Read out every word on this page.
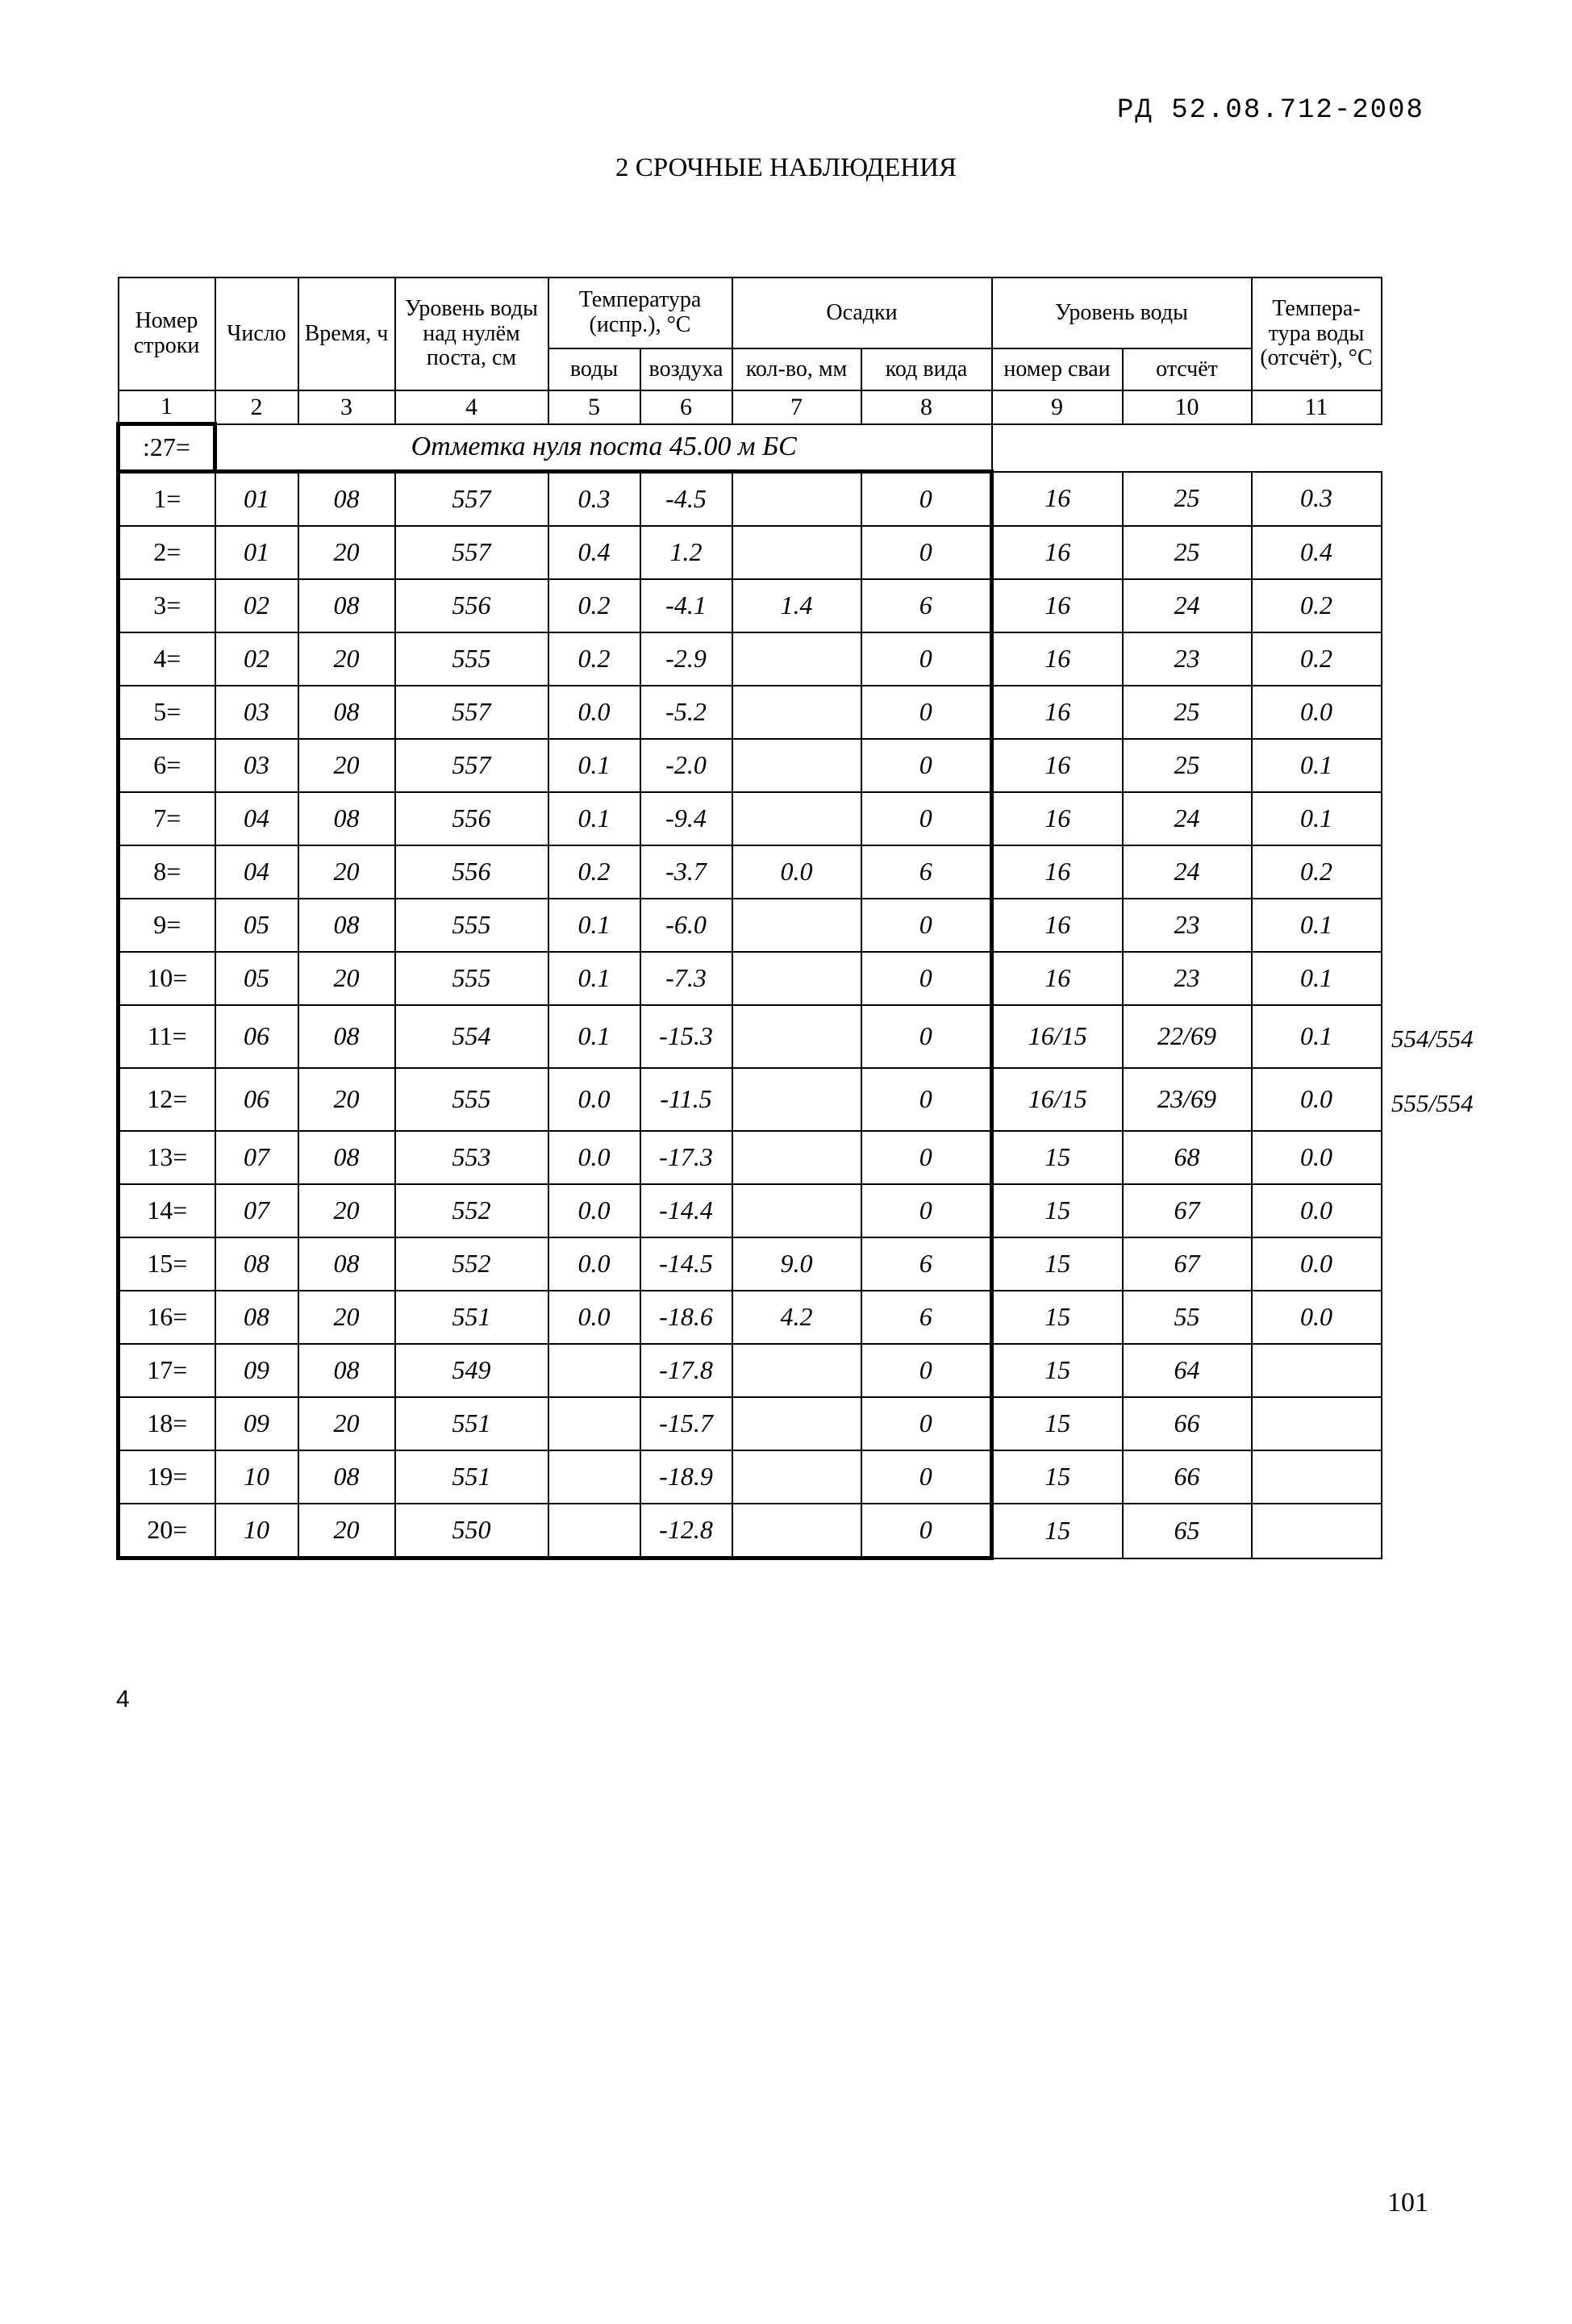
РД 52.08.712-2008
2 СРОЧНЫЕ НАБЛЮДЕНИЯ
Номер строки	Число	Время, ч	Уровень воды над нулём поста, см	Температура (испр.), °С		Осадки		Уровень воды		Темпера-тура воды (отсчёт), °С
				воды	воздуха	кол-во, мм	код вида	номер сваи	отсчёт	
1	2	3	4	5	6	7	8	9	10	11
:27=	Отметка нуля поста 45.00 м БС									
1=	01	08	557	0.3	-4.5		0	16	25	0.3
2=	01	20	557	0.4	1.2		0	16	25	0.4
3=	02	08	556	0.2	-4.1	1.4	6	16	24	0.2
4=	02	20	555	0.2	-2.9		0	16	23	0.2
5=	03	08	557	0.0	-5.2		0	16	25	0.0
6=	03	20	557	0.1	-2.0		0	16	25	0.1
7=	04	08	556	0.1	-9.4		0	16	24	0.1
8=	04	20	556	0.2	-3.7	0.0	6	16	24	0.2
9=	05	08	555	0.1	-6.0		0	16	23	0.1
10=	05	20	555	0.1	-7.3		0	16	23	0.1
11=	06	08	554	0.1	-15.3		0	16/15	22/69	0.1
12=	06	20	555	0.0	-11.5		0	16/15	23/69	0.0
13=	07	08	553	0.0	-17.3		0	15	68	0.0
14=	07	20	552	0.0	-14.4		0	15	67	0.0
15=	08	08	552	0.0	-14.5	9.0	6	15	67	0.0
16=	08	20	551	0.0	-18.6	4.2	6	15	55	0.0
17=	09	08	549		-17.8		0	15	64	
18=	09	20	551		-15.7		0	15	66	
19=	10	08	551		-18.9		0	15	66	
20=	10	20	550		-12.8		0	15	65	
554/554
555/554
4
101
